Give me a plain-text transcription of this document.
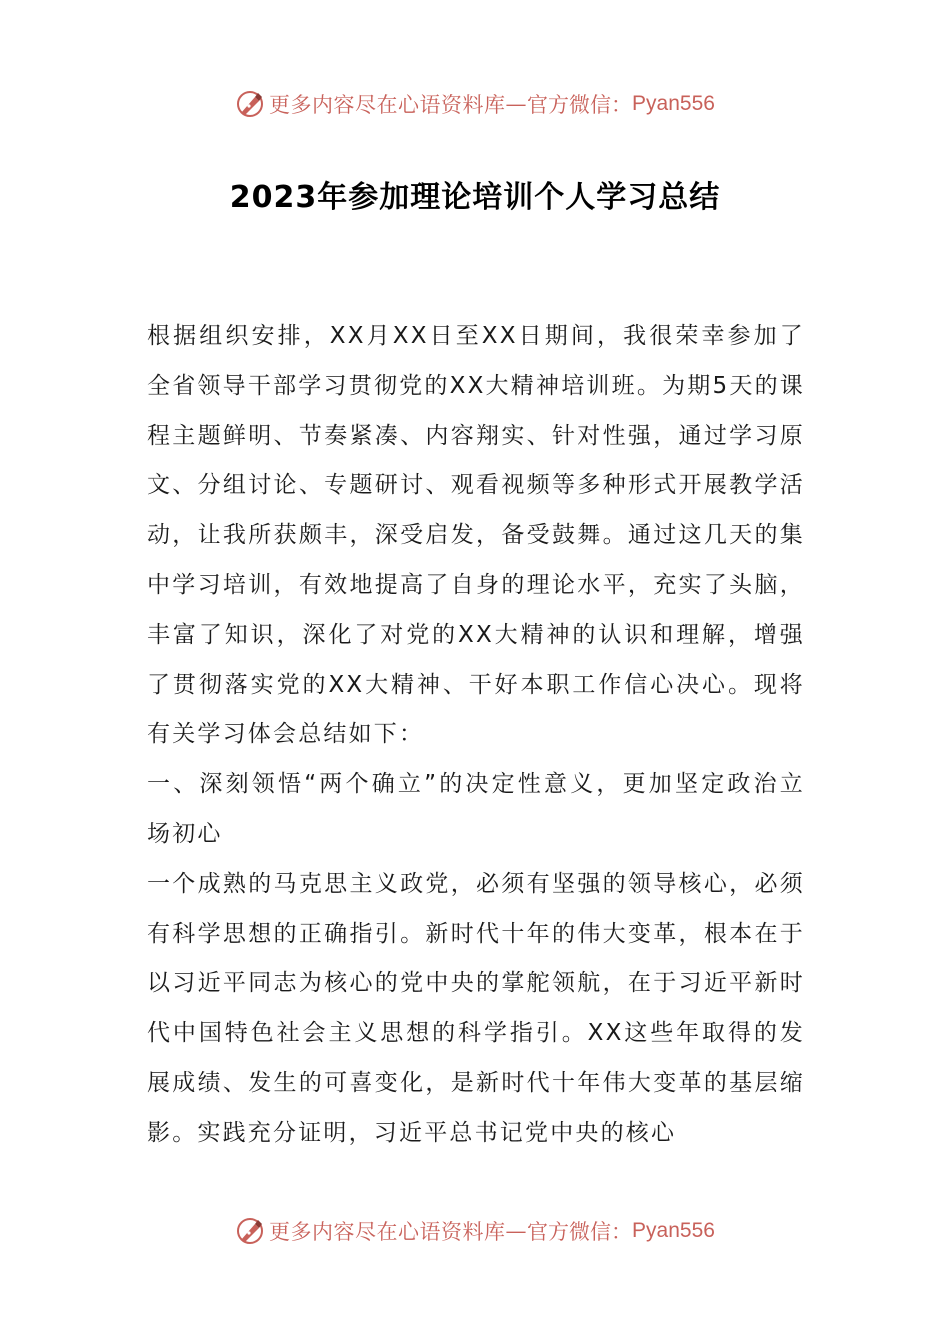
更多内容尽在心语资料库 — 官方微信： Pyan556
2023年参加理论培训个人学习总结

根据组织安排，XX月XX日至XX日期间，我很荣幸参加了全省领导干部学习贯彻党的XX大精神培训班。为期5天的课程主题鲜明、节奏紧凑、内容翔实、针对性强，通过学习原文、分组讨论、专题研讨、观看视频等多种形式开展教学活动，让我所获颇丰，深受启发，备受鼓舞。通过这几天的集中学习培训，有效地提高了自身的理论水平，充实了头脑，丰富了知识，深化了对党的XX大精神的认识和理解，增强了贯彻落实党的XX大精神、干好本职工作信心决心。现将有关学习体会总结如下：

一、深刻领悟“两个确立”的决定性意义，更加坚定政治立场初心

一个成熟的马克思主义政党，必须有坚强的领导核心，必须有科学思想的正确指引。新时代十年的伟大变革，根本在于以习近平同志为核心的党中央的掌舵领航，在于习近平新时代中国特色社会主义思想的科学指引。XX这些年取得的发展成绩、发生的可喜变化，是新时代十年伟大变革的基层缩影。实践充分证明，习近平总书记党中央的核心

更多内容尽在心语资料库 — 官方微信： Pyan556
